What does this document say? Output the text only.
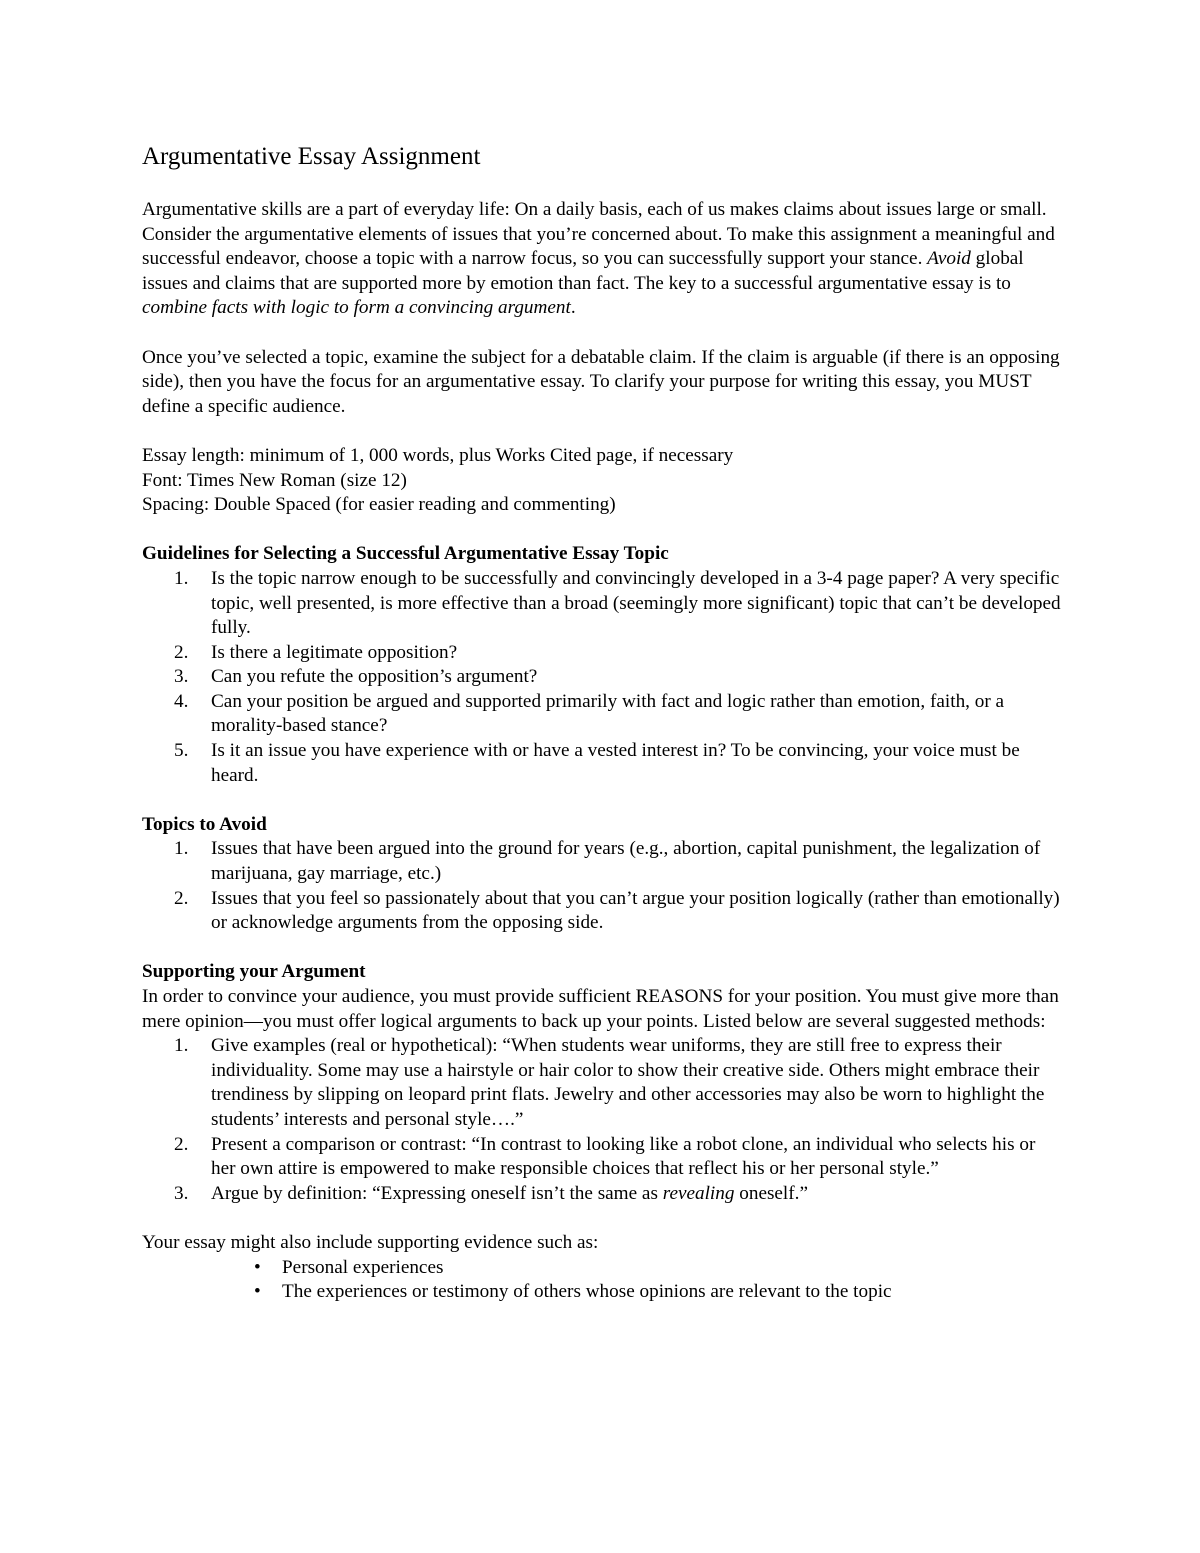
Argumentative Essay Assignment

Argumentative skills are a part of everyday life: On a daily basis, each of us makes claims about issues large or small. Consider the argumentative elements of issues that you’re concerned about. To make this assignment a meaningful and successful endeavor, choose a topic with a narrow focus, so you can successfully support your stance. Avoid global issues and claims that are supported more by emotion than fact. The key to a successful argumentative essay is to combine facts with logic to form a convincing argument.

Once you’ve selected a topic, examine the subject for a debatable claim. If the claim is arguable (if there is an opposing side), then you have the focus for an argumentative essay. To clarify your purpose for writing this essay, you MUST define a specific audience.

Essay length: minimum of 1, 000 words, plus Works Cited page, if necessary
Font: Times New Roman (size 12)
Spacing: Double Spaced (for easier reading and commenting)
Guidelines for Selecting a Successful Argumentative Essay Topic
1. Is the topic narrow enough to be successfully and convincingly developed in a 3-4 page paper? A very specific topic, well presented, is more effective than a broad (seemingly more significant) topic that can’t be developed fully.
2. Is there a legitimate opposition?
3. Can you refute the opposition’s argument?
4. Can your position be argued and supported primarily with fact and logic rather than emotion, faith, or a morality-based stance?
5. Is it an issue you have experience with or have a vested interest in? To be convincing, your voice must be heard.
Topics to Avoid
1. Issues that have been argued into the ground for years (e.g., abortion, capital punishment, the legalization of marijuana, gay marriage, etc.)
2. Issues that you feel so passionately about that you can’t argue your position logically (rather than emotionally) or acknowledge arguments from the opposing side.
Supporting your Argument
In order to convince your audience, you must provide sufficient REASONS for your position. You must give more than mere opinion—you must offer logical arguments to back up your points. Listed below are several suggested methods:
1. Give examples (real or hypothetical): “When students wear uniforms, they are still free to express their individuality. Some may use a hairstyle or hair color to show their creative side. Others might embrace their trendiness by slipping on leopard print flats. Jewelry and other accessories may also be worn to highlight the students’ interests and personal style….”
2. Present a comparison or contrast: “In contrast to looking like a robot clone, an individual who selects his or her own attire is empowered to make responsible choices that reflect his or her personal style.”
3. Argue by definition: “Expressing oneself isn’t the same as revealing oneself.”
Your essay might also include supporting evidence such as:
• Personal experiences
• The experiences or testimony of others whose opinions are relevant to the topic
